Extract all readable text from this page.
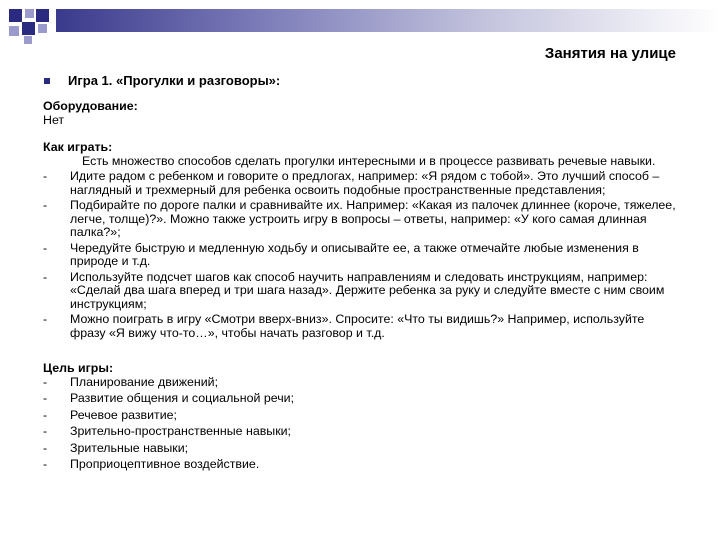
Занятия на улице
Игра 1. «Прогулки и разговоры»:
Оборудование:
Нет
Как играть:
Есть множество способов сделать прогулки интересными и в процессе развивать речевые навыки.
-	Идите радом с ребенком и говорите о предлогах, например: «Я рядом с тобой». Это лучший способ – наглядный и трехмерный для ребенка освоить подобные пространственные представления;
-	Подбирайте по дороге палки и сравнивайте их. Например: «Какая из палочек длиннее (короче, тяжелее, легче, толще)?». Можно также устроить игру в вопросы – ответы, например: «У кого самая длинная палка?»;
-	Чередуйте быструю и медленную ходьбу и описывайте ее, а также отмечайте любые изменения в природе и т.д.
-	Используйте подсчет шагов как способ научить направлениям и следовать инструкциям, например: «Сделай два шага вперед и три шага назад». Держите ребенка за руку и следуйте вместе с ним своим инструкциям;
-	Можно поиграть в игру «Смотри вверх-вниз». Спросите: «Что ты видишь?» Например, используйте фразу «Я вижу что-то…», чтобы начать разговор и т.д.
Цель игры:
-	Планирование движений;
-	Развитие общения и социальной речи;
-	Речевое развитие;
-	Зрительно-пространственные навыки;
-	Зрительные навыки;
-	Проприоцептивное воздействие.
